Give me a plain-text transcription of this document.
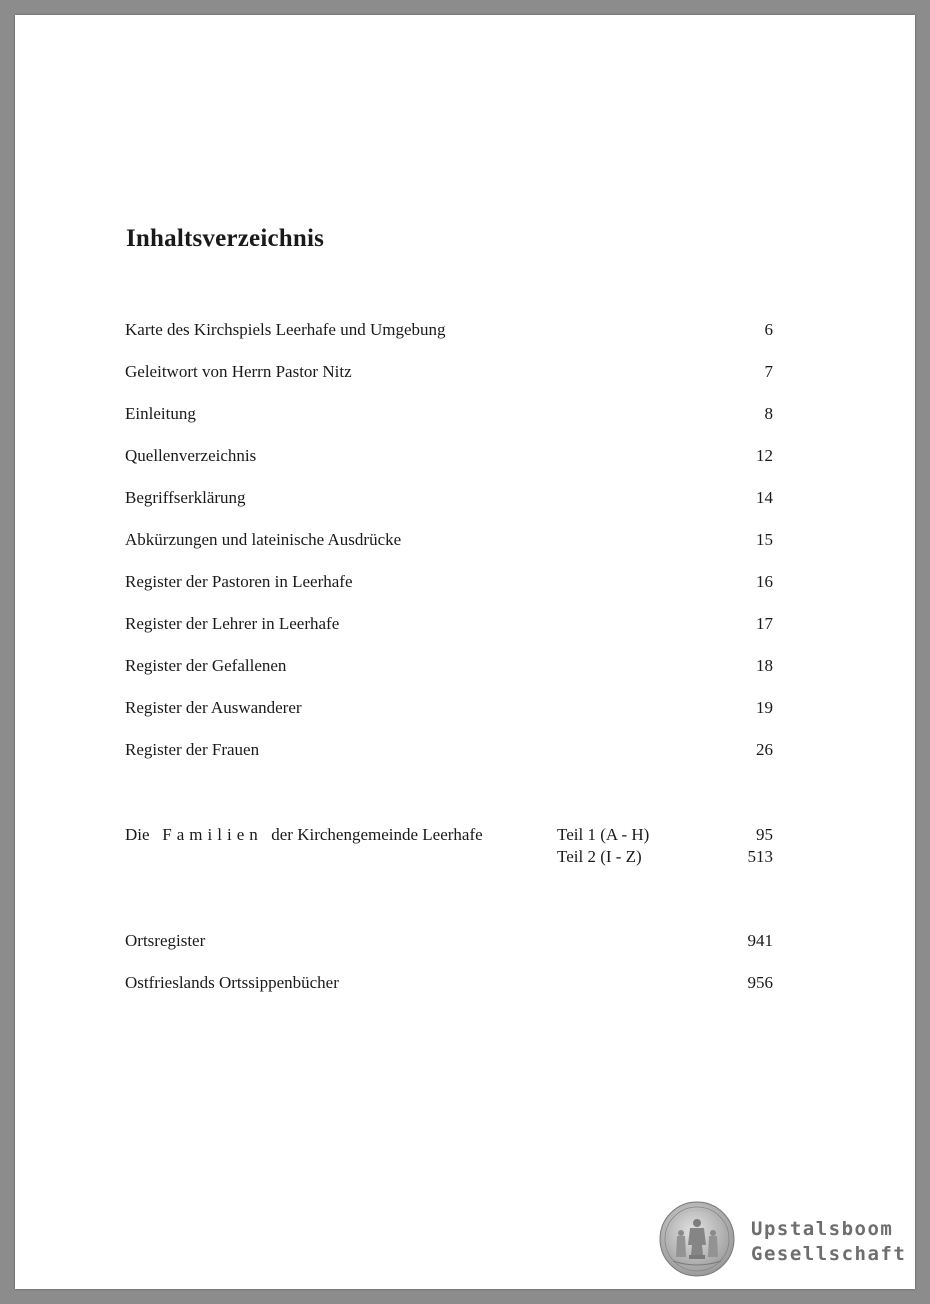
Inhaltsverzeichnis
Karte des Kirchspiels Leerhafe und Umgebung	6
Geleitwort von Herrn Pastor Nitz	7
Einleitung	8
Quellenverzeichnis	12
Begriffserklärung	14
Abkürzungen und lateinische Ausdrücke	15
Register der Pastoren in Leerhafe	16
Register der Lehrer in Leerhafe	17
Register der Gefallenen	18
Register der Auswanderer	19
Register der Frauen	26
Die Familien der Kirchengemeinde Leerhafe	Teil 1 (A - H)	95
Teil 2 (I - Z)	513
Ortsregister	941
Ostfrieslands Ortssippenbücher	956
Upstalsboom
Gesellschaft
